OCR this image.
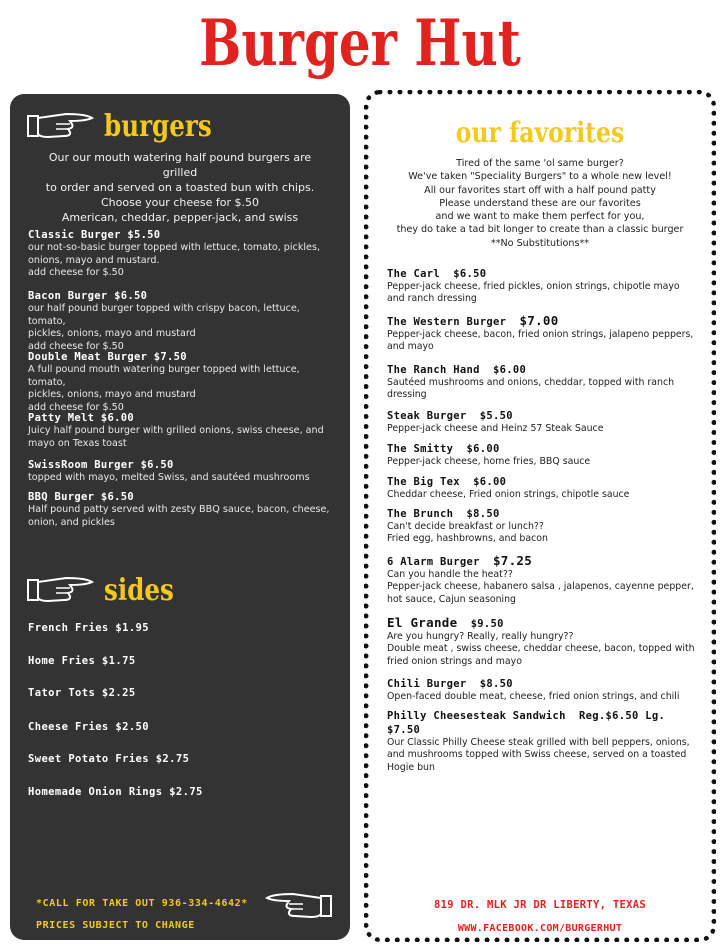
Burger Hut
burgers
Our our mouth watering half pound burgers are grilled
to order and served on a toasted bun with chips.
Choose your cheese for $.50
American, cheddar, pepper-jack, and swiss
Classic Burger $5.50
our not-so-basic burger topped with lettuce, tomato, pickles,
onions, mayo and mustard.
add cheese for $.50
Bacon Burger $6.50
our half pound burger topped with crispy bacon, lettuce, tomato,
pickles, onions, mayo and mustard
add cheese for $.50
Double Meat Burger $7.50
A full pound mouth watering burger topped with lettuce, tomato,
pickles, onions, mayo and mustard
add cheese for $.50
Patty Melt $6.00
Juicy half pound burger with grilled onions, swiss cheese, and
mayo on Texas toast
SwissRoom Burger $6.50
topped with mayo, melted Swiss, and sautéed mushrooms
BBQ Burger $6.50
Half pound patty served with zesty BBQ sauce, bacon, cheese,
onion, and pickles
sides
French Fries $1.95
Home Fries $1.75
Tator Tots $2.25
Cheese Fries $2.50
Sweet Potato Fries $2.75
Homemade Onion Rings $2.75
*CALL FOR TAKE OUT 936-334-4642*
PRICES SUBJECT TO CHANGE
our favorites
Tired of the same 'ol same burger?
We've taken "Speciality Burgers" to a whole new level!
All our favorites start off with a half pound patty
Please understand these are our favorites
and we want to make them perfect for you,
they do take a tad bit longer to create than a classic burger
**No Substitutions**
The Carl $6.50
Pepper-jack cheese, fried pickles, onion strings, chipotle mayo
and ranch dressing
The Western Burger $7.00
Pepper-jack cheese, bacon, fried onion strings, jalapeno peppers,
and mayo
The Ranch Hand $6.00
Sautéed mushrooms and onions, cheddar, topped with ranch
dressing
Steak Burger $5.50
Pepper-jack cheese and Heinz 57 Steak Sauce
The Smitty $6.00
Pepper-jack cheese, home fries, BBQ sauce
The Big Tex $6.00
Cheddar cheese, Fried onion strings, chipotle sauce
The Brunch $8.50
Can't decide breakfast or lunch??
Fried egg, hashbrowns, and bacon
6 Alarm Burger $7.25
Can you handle the heat??
Pepper-jack cheese, habanero salsa , jalapenos, cayenne pepper,
hot sauce, Cajun seasoning
El Grande $9.50
Are you hungry? Really, really hungry??
Double meat , swiss cheese, cheddar cheese, bacon, topped with
fried onion strings and mayo
Chili Burger $8.50
Open-faced double meat, cheese, fried onion strings, and chili
Philly Cheesesteak Sandwich Reg.$6.50 Lg. $7.50
Our Classic Philly Cheese steak grilled with bell peppers, onions,
and mushrooms topped with Swiss cheese, served on a toasted
Hogie bun
819 DR. MLK JR DR LIBERTY, TEXAS
WWW.FACEBOOK.COM/BURGERHUT
